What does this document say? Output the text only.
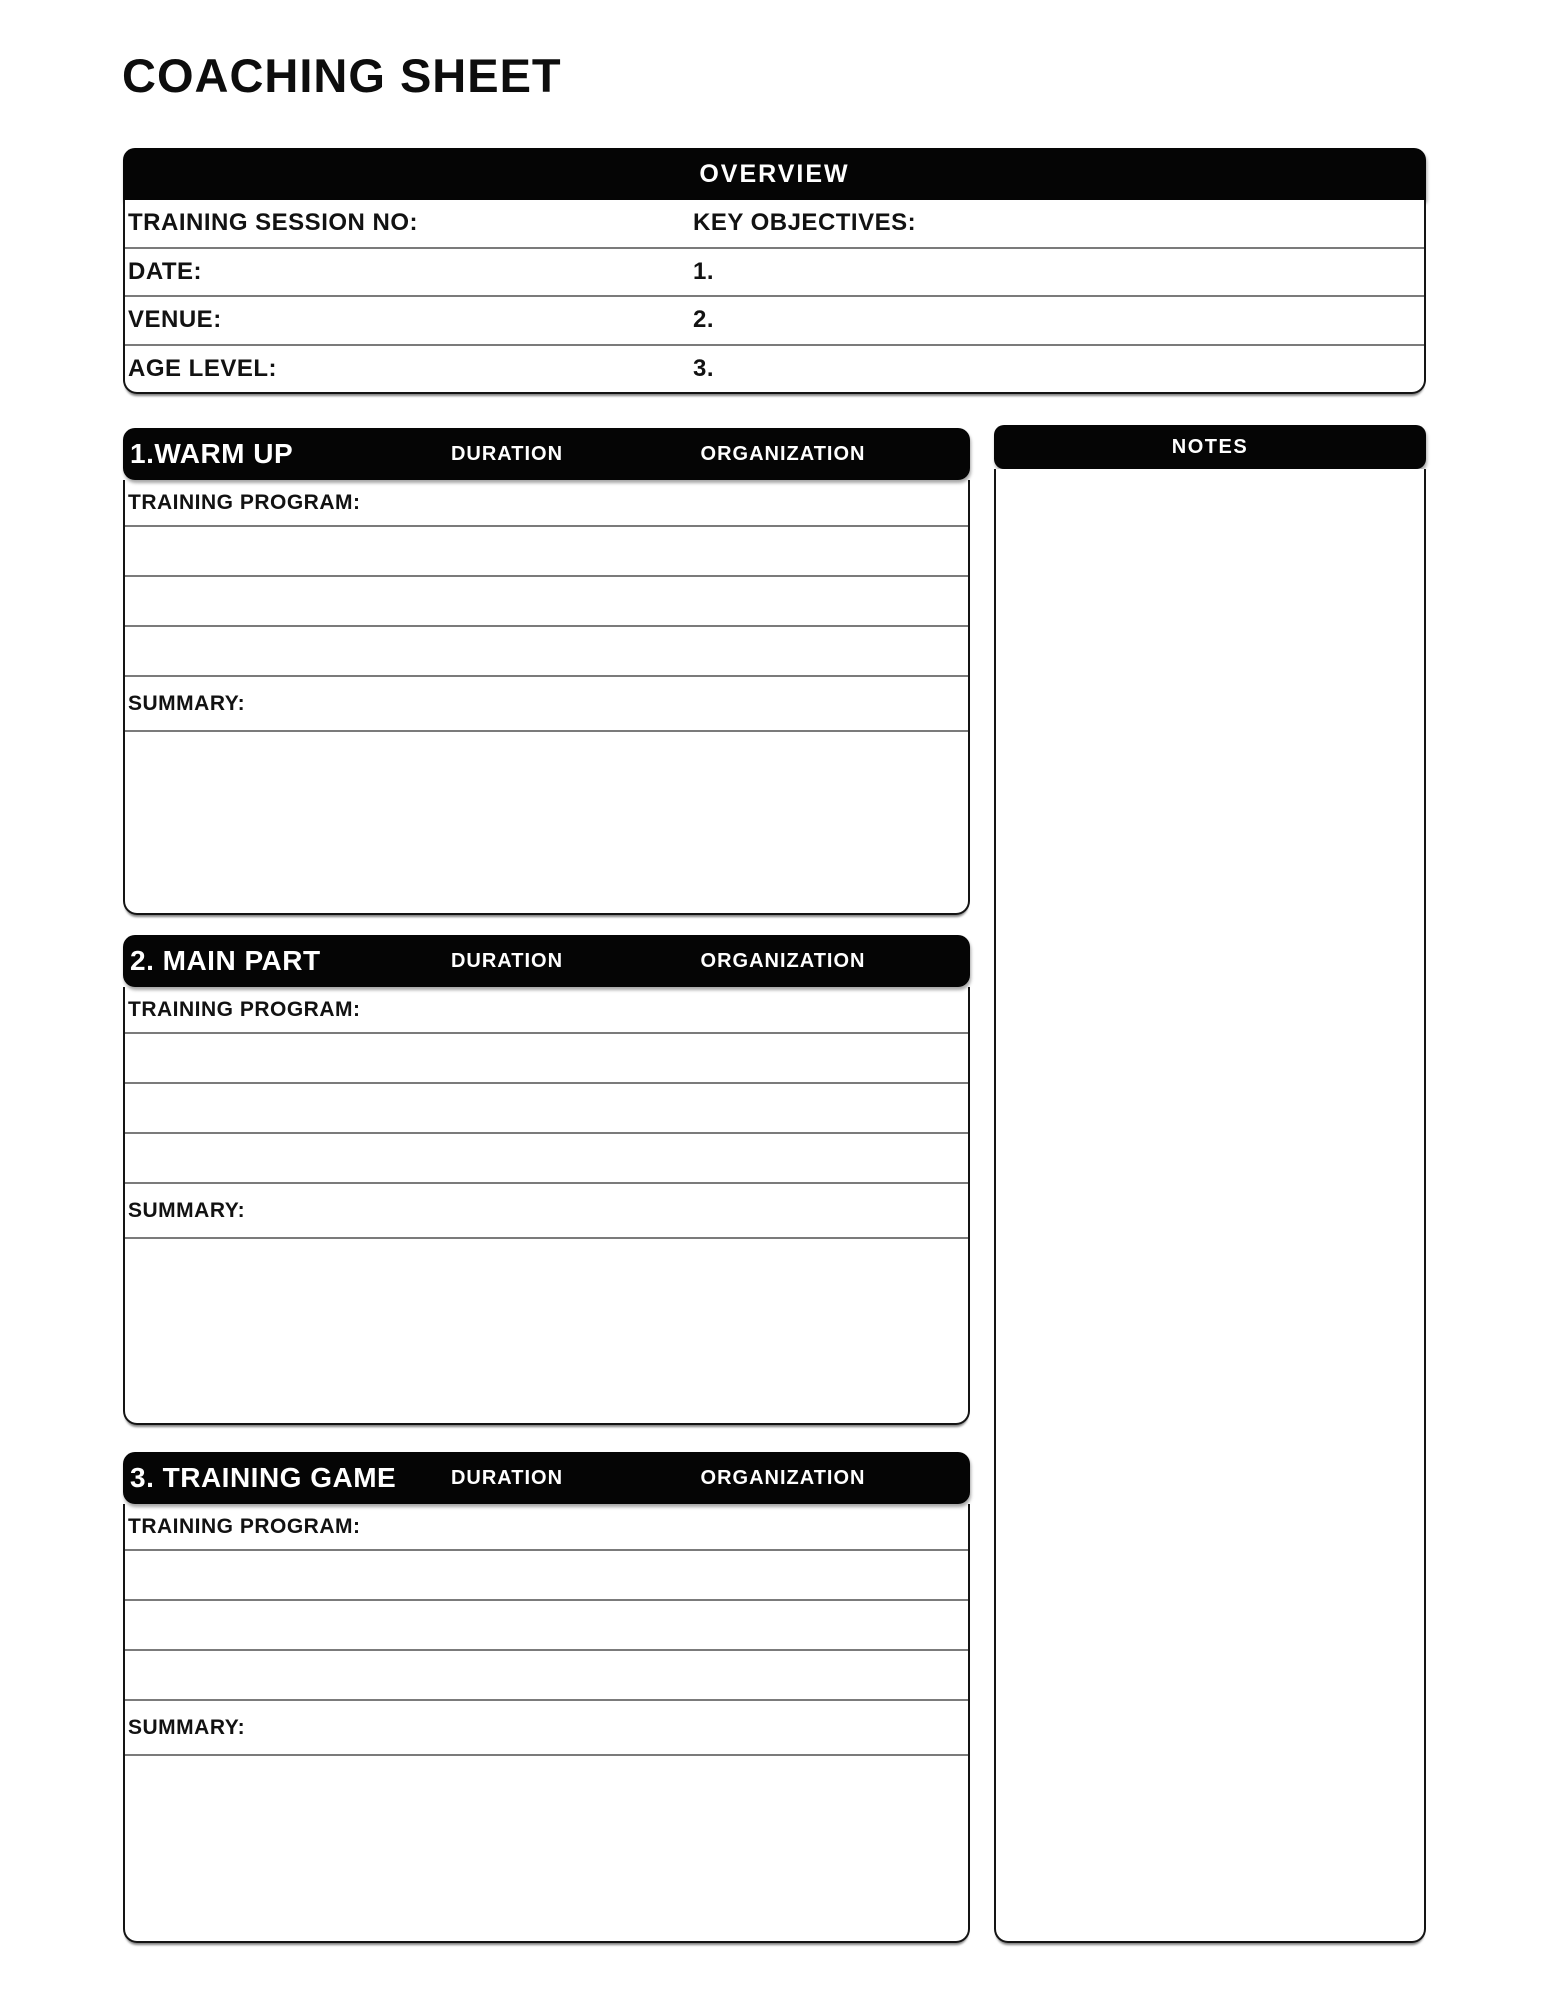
COACHING SHEET
OVERVIEW
TRAINING SESSION NO:	KEY OBJECTIVES:
DATE:	1.
VENUE:	2.
AGE LEVEL:	3.
1.WARM UP	DURATION	ORGANIZATION
TRAINING PROGRAM:
SUMMARY:
2. MAIN PART	DURATION	ORGANIZATION
TRAINING PROGRAM:
SUMMARY:
3. TRAINING GAME	DURATION	ORGANIZATION
TRAINING PROGRAM:
SUMMARY:
NOTES
